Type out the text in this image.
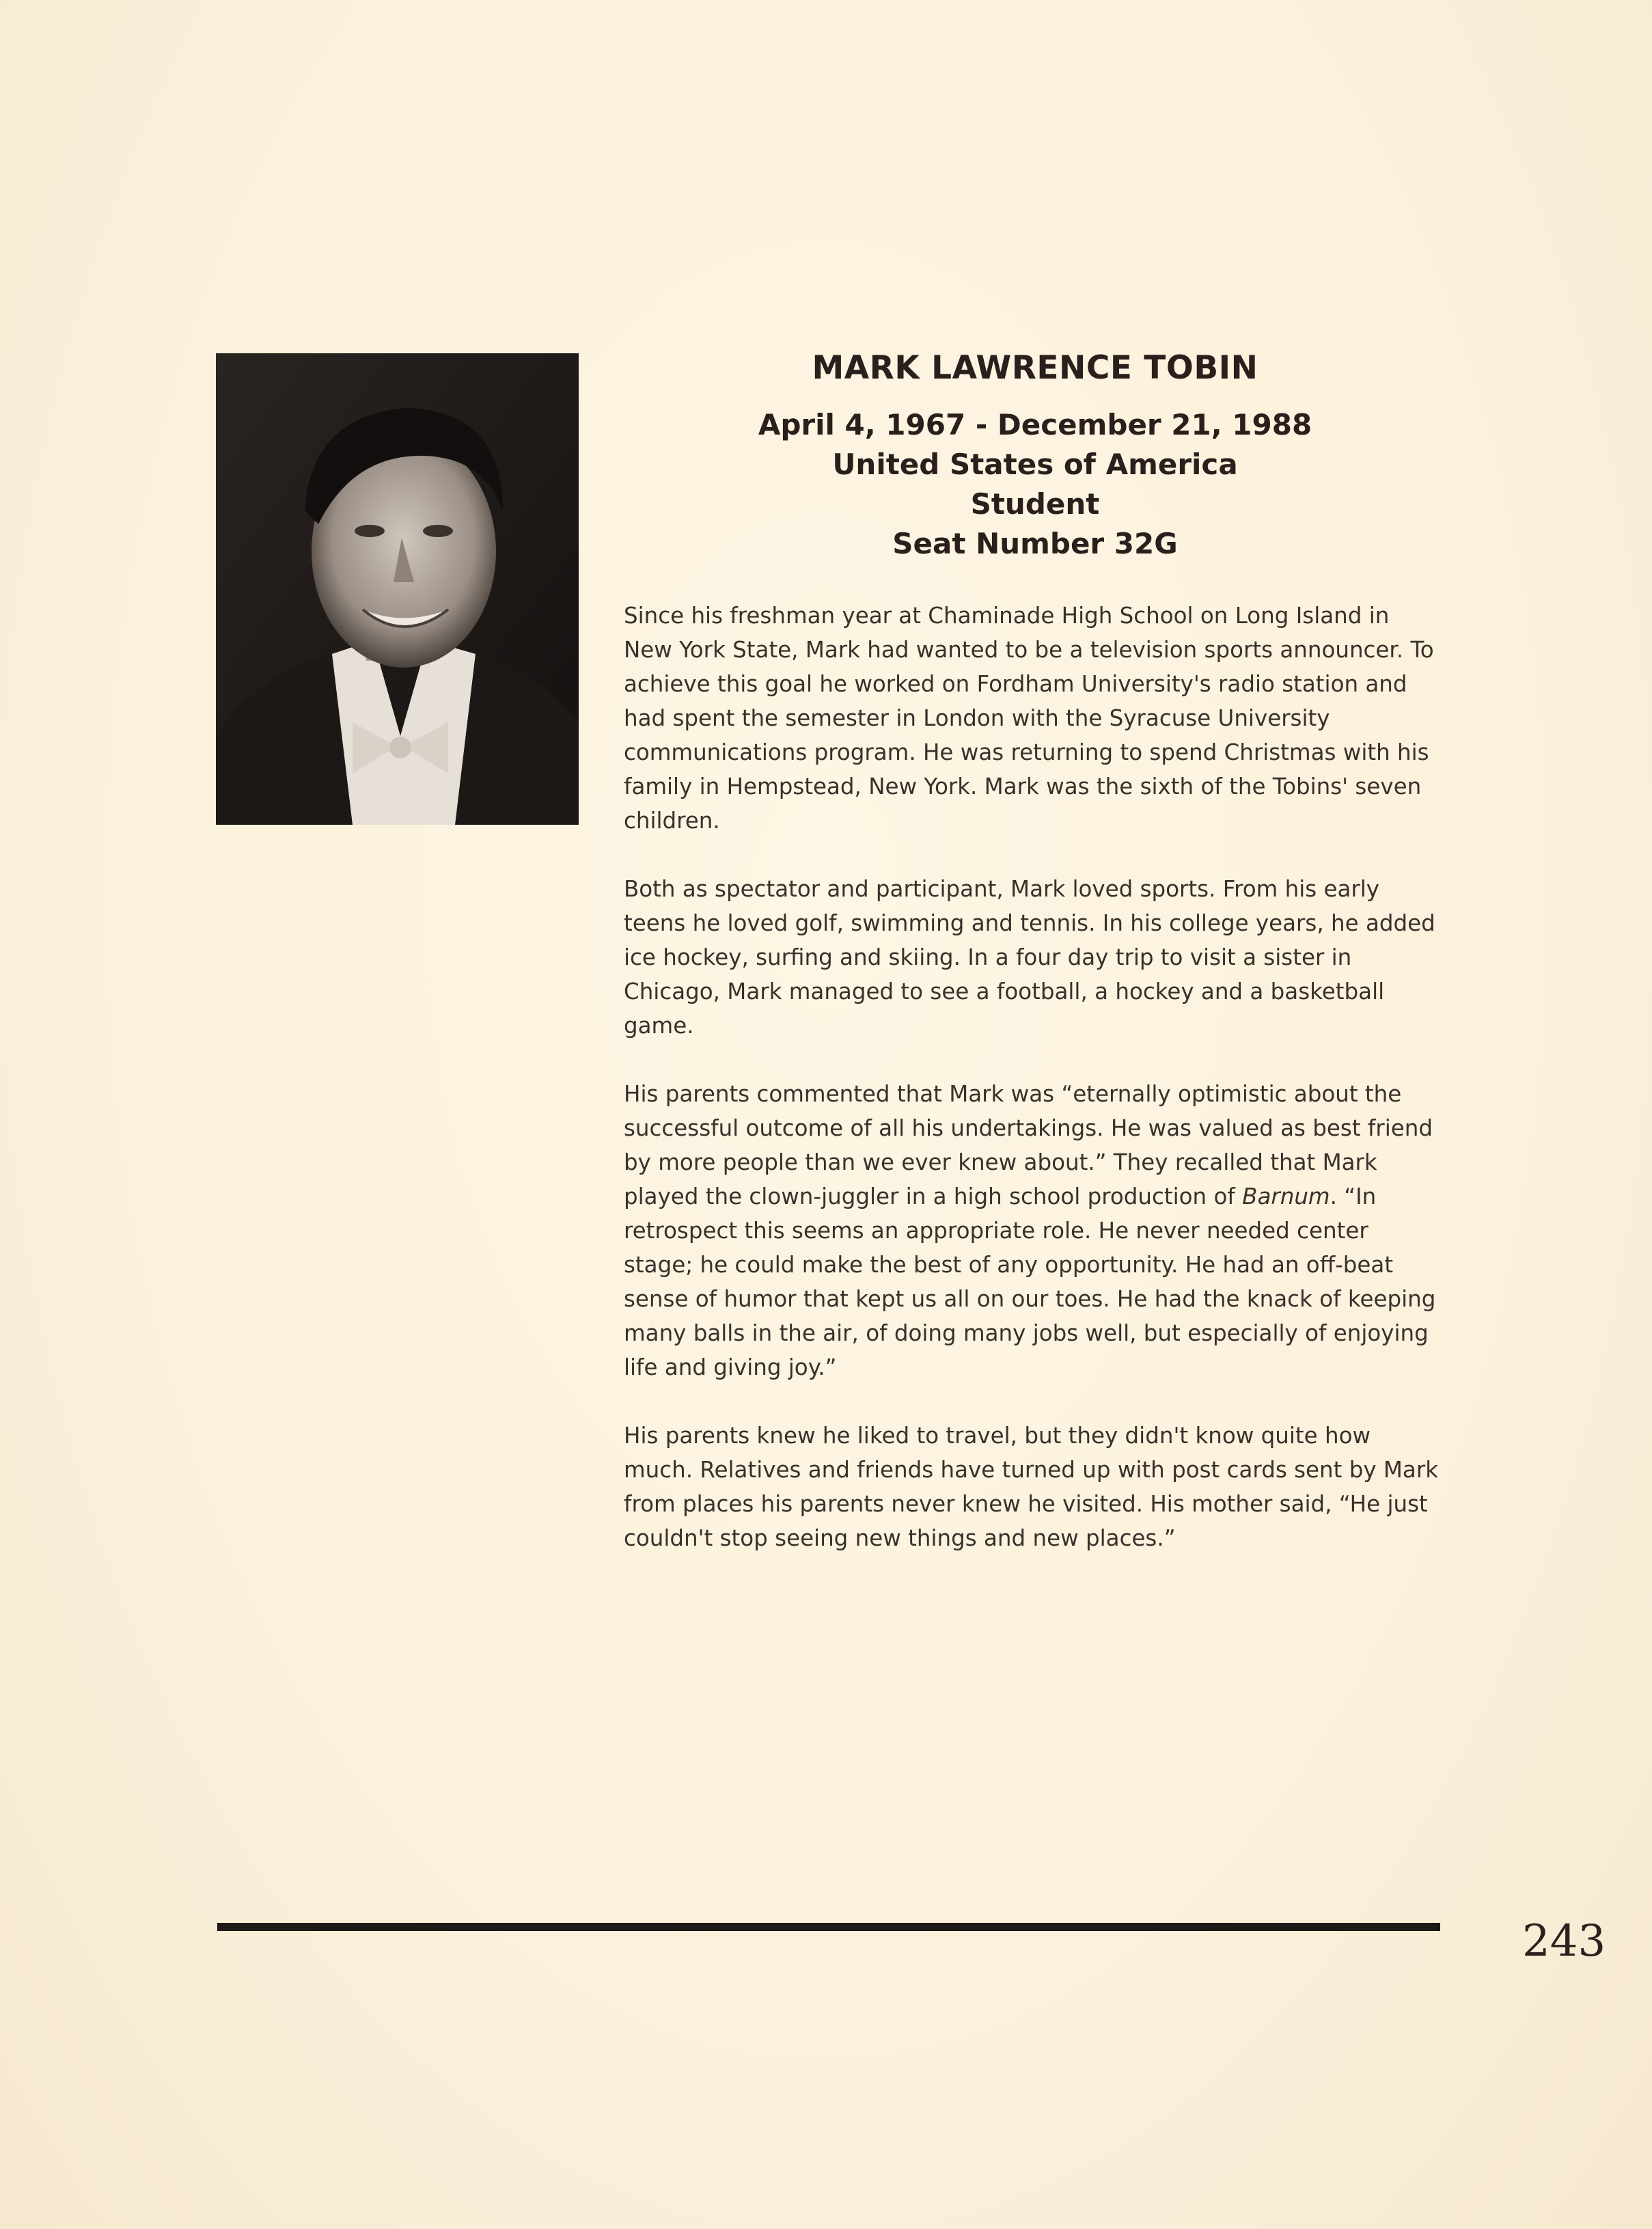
MARK LAWRENCE TOBIN

April 4, 1967 - December 21, 1988

United States of America

Student

Seat Number 32G

Since his freshman year at Chaminade High School on Long Island in New York State, Mark had wanted to be a television sports announcer. To achieve this goal he worked on Fordham University's radio station and had spent the semester in London with the Syracuse University communications program. He was returning to spend Christmas with his family in Hempstead, New York. Mark was the sixth of the Tobins' seven children.

Both as spectator and participant, Mark loved sports. From his early teens he loved golf, swimming and tennis. In his college years, he added ice hockey, surfing and skiing. In a four day trip to visit a sister in Chicago, Mark managed to see a football, a hockey and a basketball game.

His parents commented that Mark was “eternally optimistic about the successful outcome of all his undertakings. He was valued as best friend by more people than we ever knew about.” They recalled that Mark played the clown-juggler in a high school production of Barnum. “In retrospect this seems an appropriate role. He never needed center stage; he could make the best of any opportunity. He had an off-beat sense of humor that kept us all on our toes. He had the knack of keeping many balls in the air, of doing many jobs well, but especially of enjoying life and giving joy.”

His parents knew he liked to travel, but they didn't know quite how much. Relatives and friends have turned up with post cards sent by Mark from places his parents never knew he visited. His mother said, “He just couldn't stop seeing new things and new places.”

243
